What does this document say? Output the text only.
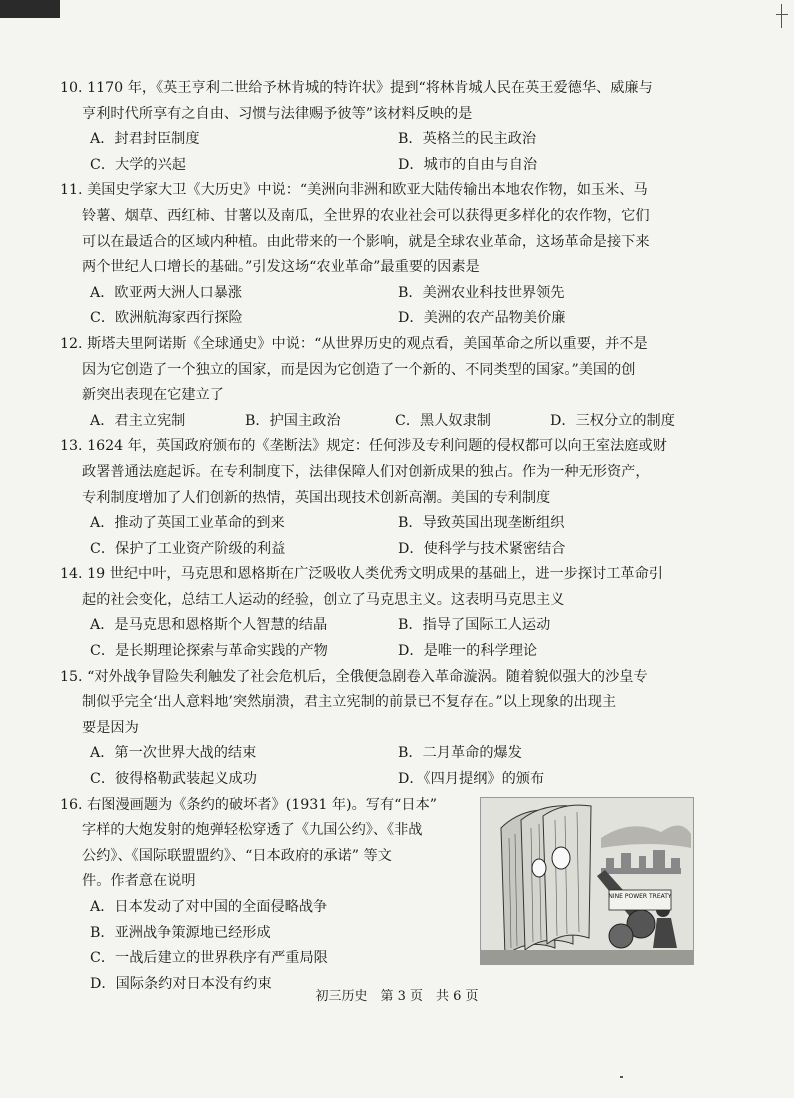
10. 1170 年，《英王亨利二世给予林肯城的特许状》提到“将林肯城人民在英王爱德华、威廉与
亨利时代所享有之自由、习惯与法律赐予彼等”该材料反映的是
A．封君封臣制度	B．英格兰的民主政治
C．大学的兴起	D．城市的自由与自治
11. 美国史学家大卫《大历史》中说：“美洲向非洲和欧亚大陆传输出本地农作物，如玉米、马
铃薯、烟草、西红柿、甘薯以及南瓜，全世界的农业社会可以获得更多样化的农作物，它们
可以在最适合的区域内种植。由此带来的一个影响，就是全球农业革命，这场革命是接下来
两个世纪人口增长的基础。”引发这场“农业革命”最重要的因素是
A．欧亚两大洲人口暴涨	B．美洲农业科技世界领先
C．欧洲航海家西行探险	D．美洲的农产品物美价廉
12. 斯塔夫里阿诺斯《全球通史》中说：“从世界历史的观点看，美国革命之所以重要，并不是
因为它创造了一个独立的国家，而是因为它创造了一个新的、不同类型的国家。”美国的创
新突出表现在它建立了
A．君主立宪制	B．护国主政治	C．黑人奴隶制	D．三权分立的制度
13. 1624 年，英国政府颁布的《垄断法》规定：任何涉及专利问题的侵权都可以向王室法庭或财
政署普通法庭起诉。在专利制度下，法律保障人们对创新成果的独占。作为一种无形资产，
专利制度增加了人们创新的热情，英国出现技术创新高潮。美国的专利制度
A．推动了英国工业革命的到来	B．导致英国出现垄断组织
C．保护了工业资产阶级的利益	D．使科学与技术紧密结合
14. 19 世纪中叶，马克思和恩格斯在广泛吸收人类优秀文明成果的基础上，进一步探讨工革命引
起的社会变化，总结工人运动的经验，创立了马克思主义。这表明马克思主义
A．是马克思和恩格斯个人智慧的结晶	B．指导了国际工人运动
C．是长期理论探索与革命实践的产物	D．是唯一的科学理论
15. “对外战争冒险失利触发了社会危机后，全俄便急剧卷入革命漩涡。随着貌似强大的沙皇专
制似乎完全‘出人意料地’突然崩溃，君主立宪制的前景已不复存在。”以上现象的出现主
要是因为
A．第一次世界大战的结束	B．二月革命的爆发
C．彼得格勒武装起义成功	D．《四月提纲》的颁布
16. 右图漫画题为《条约的破坏者》(1931 年)。写有“日本”
字样的大炮发射的炮弹轻松穿透了《九国公约》、《非战
公约》、《国际联盟盟约》、“日本政府的承诺” 等文
件。作者意在说明
A．日本发动了对中国的全面侵略战争
B．亚洲战争策源地已经形成
C．一战后建立的世界秩序有严重局限
D．国际条约对日本没有约束
NINE POWER TREATY
初三历史　第 3 页　共 6 页
